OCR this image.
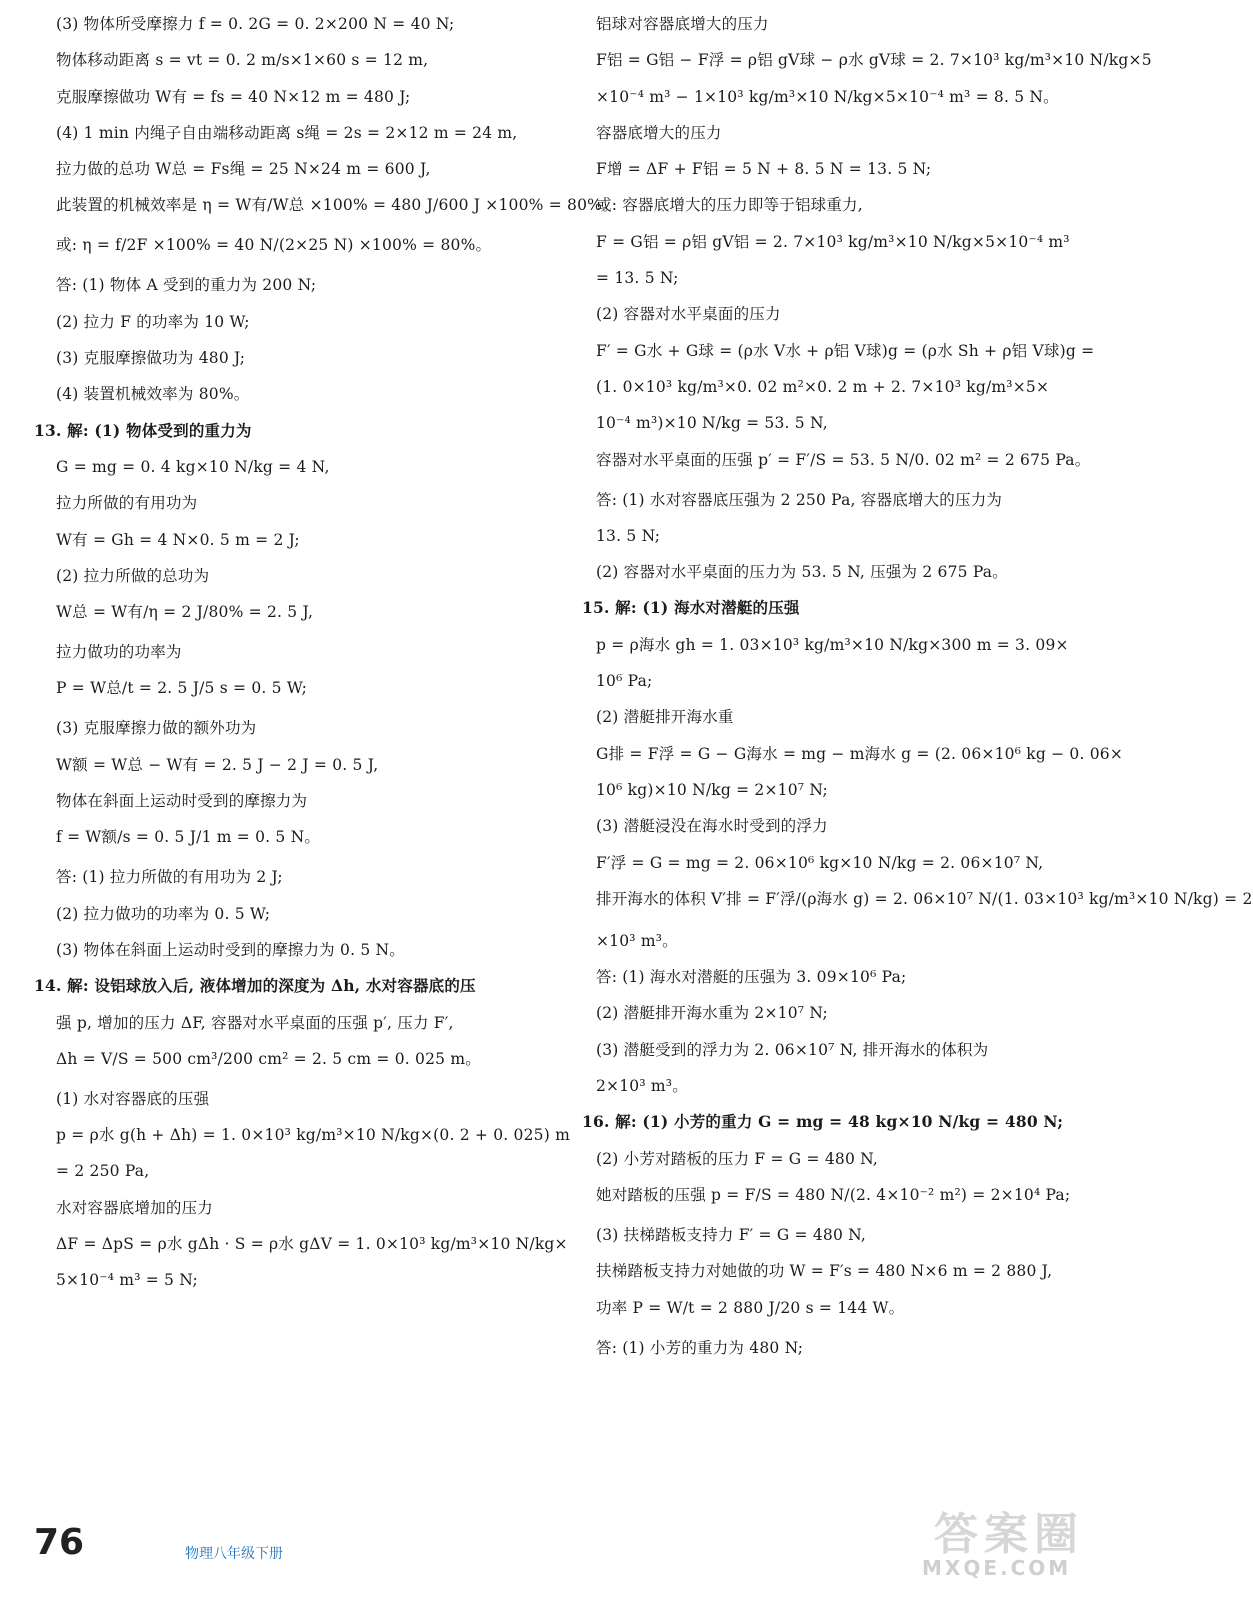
(3) 物体所受摩擦力 f = 0. 2G = 0. 2×200 N = 40 N;
物体移动距离 s = vt = 0. 2 m/s×1×60 s = 12 m,
克服摩擦做功 W有 = fs = 40 N×12 m = 480 J;
(4) 1 min 内绳子自由端移动距离 s绳 = 2s = 2×12 m = 24 m,
拉力做的总功 W总 = Fs绳 = 25 N×24 m = 600 J,
此装置的机械效率是 η = W有/W总 ×100% = 480 J/600 J ×100% = 80%。
或: η = f/2F ×100% = 40 N/(2×25 N) ×100% = 80%。
答: (1) 物体 A 受到的重力为 200 N;
(2) 拉力 F 的功率为 10 W;
(3) 克服摩擦做功为 480 J;
(4) 装置机械效率为 80%。
13. 解: (1) 物体受到的重力为
G = mg = 0. 4 kg×10 N/kg = 4 N,
拉力所做的有用功为
W有 = Gh = 4 N×0. 5 m = 2 J;
(2) 拉力所做的总功为
W总 = W有/η = 2 J/80% = 2. 5 J,
拉力做功的功率为
P = W总/t = 2. 5 J/5 s = 0. 5 W;
(3) 克服摩擦力做的额外功为
W额 = W总 − W有 = 2. 5 J − 2 J = 0. 5 J,
物体在斜面上运动时受到的摩擦力为
f = W额/s = 0. 5 J/1 m = 0. 5 N。
答: (1) 拉力所做的有用功为 2 J;
(2) 拉力做功的功率为 0. 5 W;
(3) 物体在斜面上运动时受到的摩擦力为 0. 5 N。
14. 解: 设铝球放入后, 液体增加的深度为 Δh, 水对容器底的压
强 p, 增加的压力 ΔF, 容器对水平桌面的压强 p′, 压力 F′,
Δh = V/S = 500 cm³/200 cm² = 2. 5 cm = 0. 025 m。
(1) 水对容器底的压强
p = ρ水 g(h + Δh) = 1. 0×10³ kg/m³×10 N/kg×(0. 2 + 0. 025) m
= 2 250 Pa,
水对容器底增加的压力
ΔF = ΔpS = ρ水 gΔh · S = ρ水 gΔV = 1. 0×10³ kg/m³×10 N/kg×
5×10⁻⁴ m³ = 5 N;
铝球对容器底增大的压力
F铝 = G铝 − F浮 = ρ铝 gV球 − ρ水 gV球 = 2. 7×10³ kg/m³×10 N/kg×5
×10⁻⁴ m³ − 1×10³ kg/m³×10 N/kg×5×10⁻⁴ m³ = 8. 5 N。
容器底增大的压力
F增 = ΔF + F铝 = 5 N + 8. 5 N = 13. 5 N;
或: 容器底增大的压力即等于铝球重力,
F = G铝 = ρ铝 gV铝 = 2. 7×10³ kg/m³×10 N/kg×5×10⁻⁴ m³
= 13. 5 N;
(2) 容器对水平桌面的压力
F′ = G水 + G球 = (ρ水 V水 + ρ铝 V球)g = (ρ水 Sh + ρ铝 V球)g =
(1. 0×10³ kg/m³×0. 02 m²×0. 2 m + 2. 7×10³ kg/m³×5×
10⁻⁴ m³)×10 N/kg = 53. 5 N,
容器对水平桌面的压强 p′ = F′/S = 53. 5 N/0. 02 m² = 2 675 Pa。
答: (1) 水对容器底压强为 2 250 Pa, 容器底增大的压力为
13. 5 N;
(2) 容器对水平桌面的压力为 53. 5 N, 压强为 2 675 Pa。
15. 解: (1) 海水对潜艇的压强
p = ρ海水 gh = 1. 03×10³ kg/m³×10 N/kg×300 m = 3. 09×
10⁶ Pa;
(2) 潜艇排开海水重
G排 = F浮 = G − G海水 = mg − m海水 g = (2. 06×10⁶ kg − 0. 06×
10⁶ kg)×10 N/kg = 2×10⁷ N;
(3) 潜艇浸没在海水时受到的浮力
F′浮 = G = mg = 2. 06×10⁶ kg×10 N/kg = 2. 06×10⁷ N,
排开海水的体积 V′排 = F′浮/(ρ海水 g) = 2. 06×10⁷ N/(1. 03×10³ kg/m³×10 N/kg) = 2
×10³ m³。
答: (1) 海水对潜艇的压强为 3. 09×10⁶ Pa;
(2) 潜艇排开海水重为 2×10⁷ N;
(3) 潜艇受到的浮力为 2. 06×10⁷ N, 排开海水的体积为
2×10³ m³。
16. 解: (1) 小芳的重力 G = mg = 48 kg×10 N/kg = 480 N;
(2) 小芳对踏板的压力 F = G = 480 N,
她对踏板的压强 p = F/S = 480 N/(2. 4×10⁻² m²) = 2×10⁴ Pa;
(3) 扶梯踏板支持力 F′ = G = 480 N,
扶梯踏板支持力对她做的功 W = F′s = 480 N×6 m = 2 880 J,
功率 P = W/t = 2 880 J/20 s = 144 W。
答: (1) 小芳的重力为 480 N;
76	物理八年级下册	答案圈
MXQE.COM
